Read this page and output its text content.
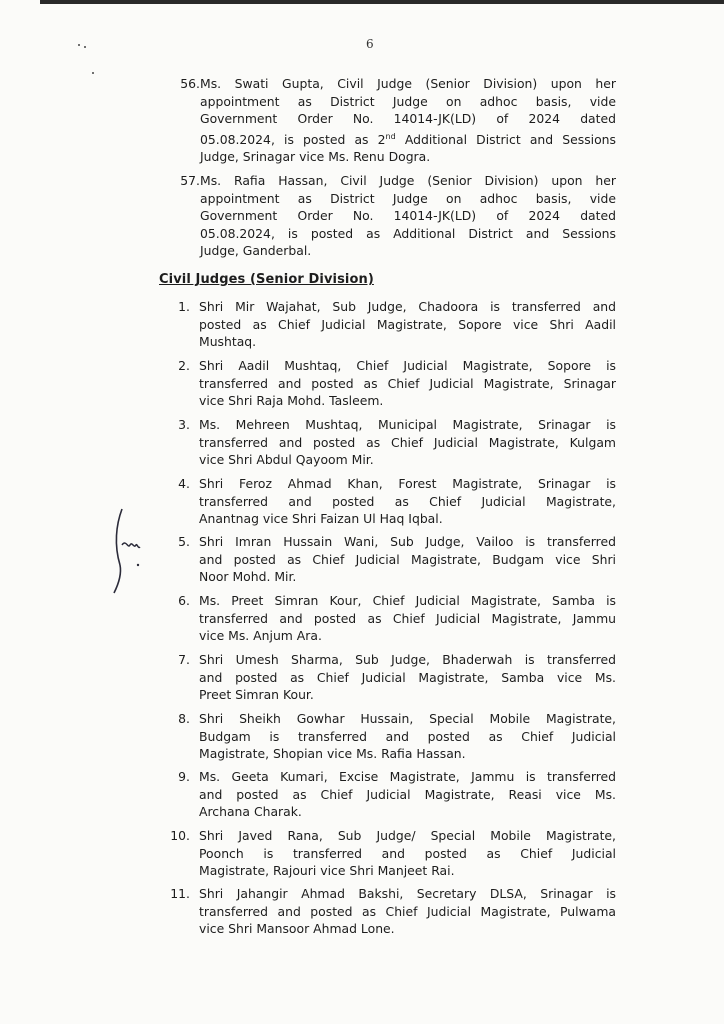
6
56. Ms. Swati Gupta, Civil Judge (Senior Division) upon her
appointment as District Judge on adhoc basis, vide
Government Order No. 14014-JK(LD) of 2024 dated
05.08.2024, is posted as 2nd Additional District and Sessions
Judge, Srinagar vice Ms. Renu Dogra.
57. Ms. Rafia Hassan, Civil Judge (Senior Division) upon her
appointment as District Judge on adhoc basis, vide
Government Order No. 14014-JK(LD) of 2024 dated
05.08.2024, is posted as Additional District and Sessions
Judge, Ganderbal.
Civil Judges (Senior Division)
1. Shri Mir Wajahat, Sub Judge, Chadoora is transferred and
posted as Chief Judicial Magistrate, Sopore vice Shri Aadil
Mushtaq.
2. Shri Aadil Mushtaq, Chief Judicial Magistrate, Sopore is
transferred and posted as Chief Judicial Magistrate, Srinagar
vice Shri Raja Mohd. Tasleem.
3. Ms. Mehreen Mushtaq, Municipal Magistrate, Srinagar is
transferred and posted as Chief Judicial Magistrate, Kulgam
vice Shri Abdul Qayoom Mir.
4. Shri Feroz Ahmad Khan, Forest Magistrate, Srinagar is
transferred and posted as Chief Judicial Magistrate,
Anantnag vice Shri Faizan Ul Haq Iqbal.
5. Shri Imran Hussain Wani, Sub Judge, Vailoo is transferred
and posted as Chief Judicial Magistrate, Budgam vice Shri
Noor Mohd. Mir.
6. Ms. Preet Simran Kour, Chief Judicial Magistrate, Samba is
transferred and posted as Chief Judicial Magistrate, Jammu
vice Ms. Anjum Ara.
7. Shri Umesh Sharma, Sub Judge, Bhaderwah is transferred
and posted as Chief Judicial Magistrate, Samba vice Ms.
Preet Simran Kour.
8. Shri Sheikh Gowhar Hussain, Special Mobile Magistrate,
Budgam is transferred and posted as Chief Judicial
Magistrate, Shopian vice Ms. Rafia Hassan.
9. Ms. Geeta Kumari, Excise Magistrate, Jammu is transferred
and posted as Chief Judicial Magistrate, Reasi vice Ms.
Archana Charak.
10. Shri Javed Rana, Sub Judge/ Special Mobile Magistrate,
Poonch is transferred and posted as Chief Judicial
Magistrate, Rajouri vice Shri Manjeet Rai.
11. Shri Jahangir Ahmad Bakshi, Secretary DLSA, Srinagar is
transferred and posted as Chief Judicial Magistrate, Pulwama
vice Shri Mansoor Ahmad Lone.
